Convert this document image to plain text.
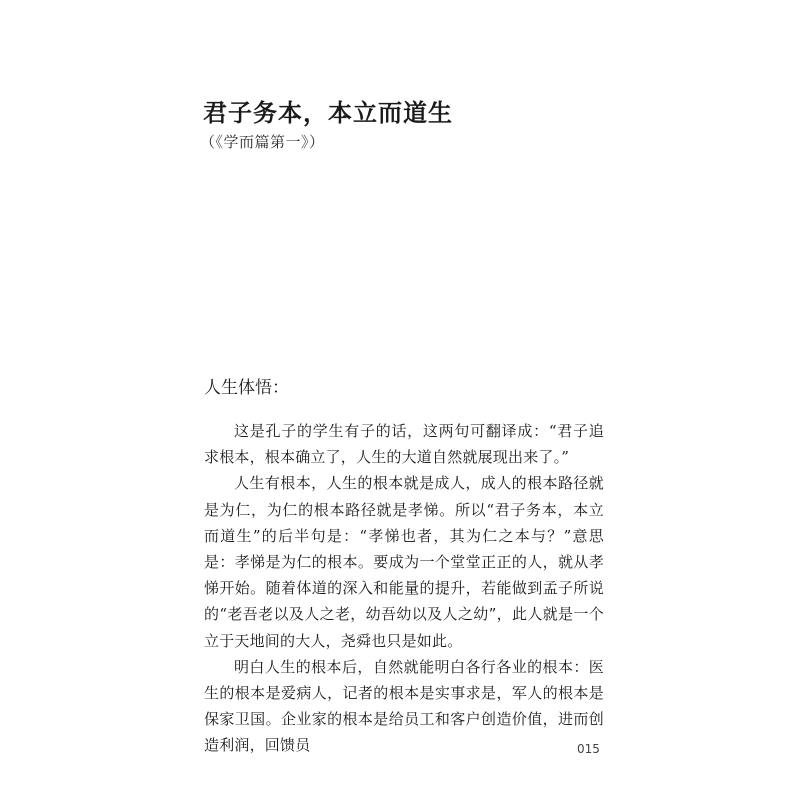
君子务本，本立而道生
（《学而篇第一》）
人生体悟：

这是孔子的学生有子的话，这两句可翻译成：“君子追求根本，根本确立了，人生的大道自然就展现出来了。”

人生有根本，人生的根本就是成人，成人的根本路径就是为仁，为仁的根本路径就是孝悌。所以“君子务本，本立而道生”的后半句是：“孝悌也者，其为仁之本与？”意思是：孝悌是为仁的根本。要成为一个堂堂正正的人，就从孝悌开始。随着体道的深入和能量的提升，若能做到孟子所说的“老吾老以及人之老，幼吾幼以及人之幼”，此人就是一个立于天地间的大人，尧舜也只是如此。

明白人生的根本后，自然就能明白各行各业的根本：医生的根本是爱病人，记者的根本是实事求是，军人的根本是保家卫国。企业家的根本是给员工和客户创造价值，进而创造利润，回馈员	015
